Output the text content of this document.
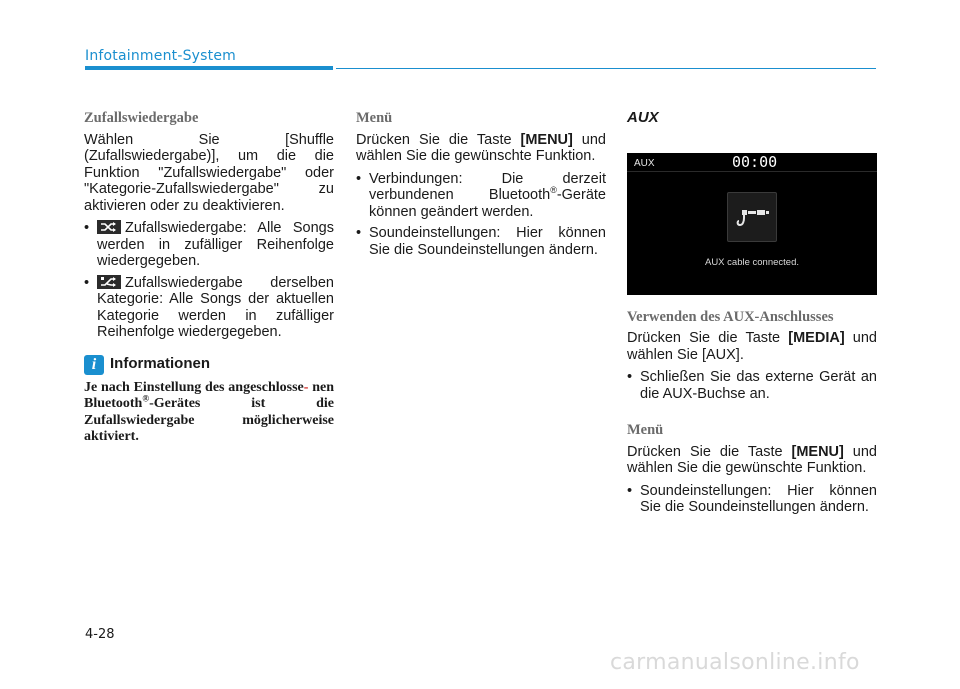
Infotainment-System
Zufallswiedergabe

Wählen Sie [Shuffle (Zufallswiedergabe)], um die die Funktion "Zufallswiedergabe" oder "Kategorie-Zufallswiedergabe" zu aktivieren oder zu deaktivieren.

• Zufallswiedergabe: Alle Songs werden in zufälliger Reihenfolge wiedergegeben.
• Zufallswiedergabe derselben Kategorie: Alle Songs der aktuellen Kategorie werden in zufälliger Reihenfolge wiedergegeben.
i Informationen
Je nach Einstellung des angeschlosse- nen Bluetooth®-Gerätes ist die Zufallswiedergabe möglicherweise aktiviert.
Menü

Drücken Sie die Taste [MENU] und wählen Sie die gewünschte Funktion.

• Verbindungen: Die derzeit verbundenen Bluetooth®-Geräte können geändert werden.
• Soundeinstellungen: Hier können Sie die Soundeinstellungen ändern.
AUX
AUX	00:00
AUX cable connected.
Verwenden des AUX-Anschlusses

Drücken Sie die Taste [MEDIA] und wählen Sie [AUX].

• Schließen Sie das externe Gerät an die AUX-Buchse an.
Menü

Drücken Sie die Taste [MENU] und wählen Sie die gewünschte Funktion.

• Soundeinstellungen: Hier können Sie die Soundeinstellungen ändern.
4-28
carmanualsonline.info
